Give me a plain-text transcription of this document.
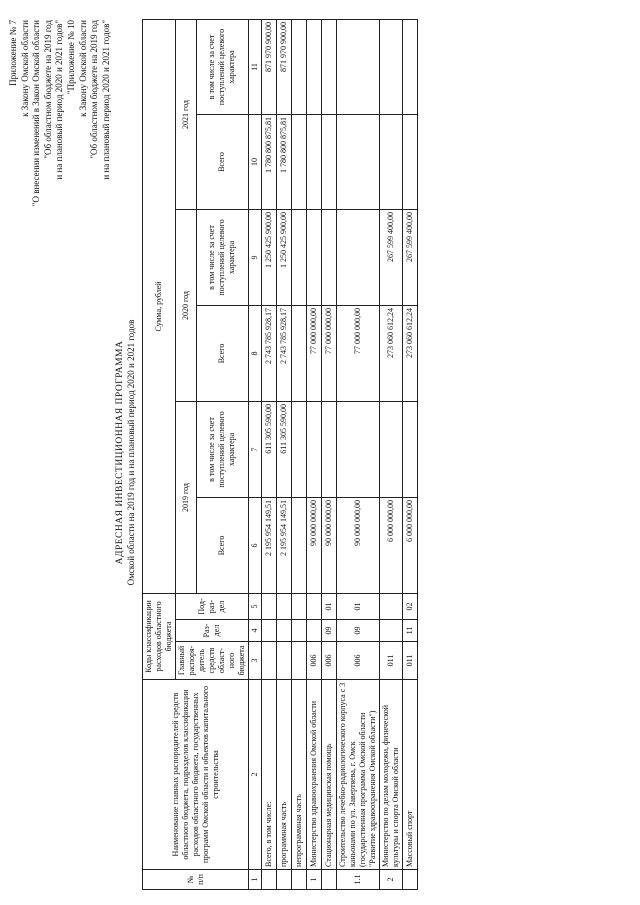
Приложение № 7 к Закону Омской области "О внесении изменений в Закон Омской области "Об областном бюджете на 2019 год и на плановый период 2020 и 2021 годов" "Приложение № 10 к Закону Омской области "Об областном бюджете на 2019 год и на плановый период 2020 и 2021 годов"
АДРЕСНАЯ ИНВЕСТИЦИОННАЯ ПРОГРАММА Омской области на 2019 год и на плановый период 2020 и 2021 годов
№ п/п	Наименование главных распорядителей средств областного бюджета, подразделов классификации расходов областного бюджета, государственных программ Омской области и объектов капитального строительства	Коды классификации расходов областного бюджета			Сумма, рублей					
		Главный распоря-дитель средств област-ного бюджета	Раз-дел	Под-раз-дел	2019 год		2020 год		2021 год	
					Всего	в том числе за счет поступлений целевого характера	Всего	в том числе за счет поступлений целевого характера	Всего	в том числе за счет поступлений целевого характера
1	2	3	4	5	6	7	8	9	10	11
	Всего, в том числе:				2 195 954 149,51	611 305 590,00	2 743 785 928,17	1 250 425 900,00	1 780 800 875,81	871 970 900,00
	программная часть				2 195 954 149,51	611 305 590,00	2 743 785 928,17	1 250 425 900,00	1 780 800 875,81	871 970 900,00
	непрограммная часть									
1	Министерство здравоохранения Омской области	006			90 000 000,00		77 000 000,00			
	Стационарная медицинская помощь	006	09	01	90 000 000,00		77 000 000,00			
1.1	Строительство лечебно-радиологического корпуса с 3 каньонами по ул. Завертяева, г. Омск (государственная программа Омской области "Развитие здравоохранения Омской области")	006	09	01	90 000 000,00		77 000 000,00			
2	Министерство по делам молодежи, физической культуры и спорта Омской области	011			6 000 000,00		273 060 612,24	267 599 400,00		
	Массовый спорт	011	11	02	6 000 000,00		273 060 612,24	267 599 400,00		
